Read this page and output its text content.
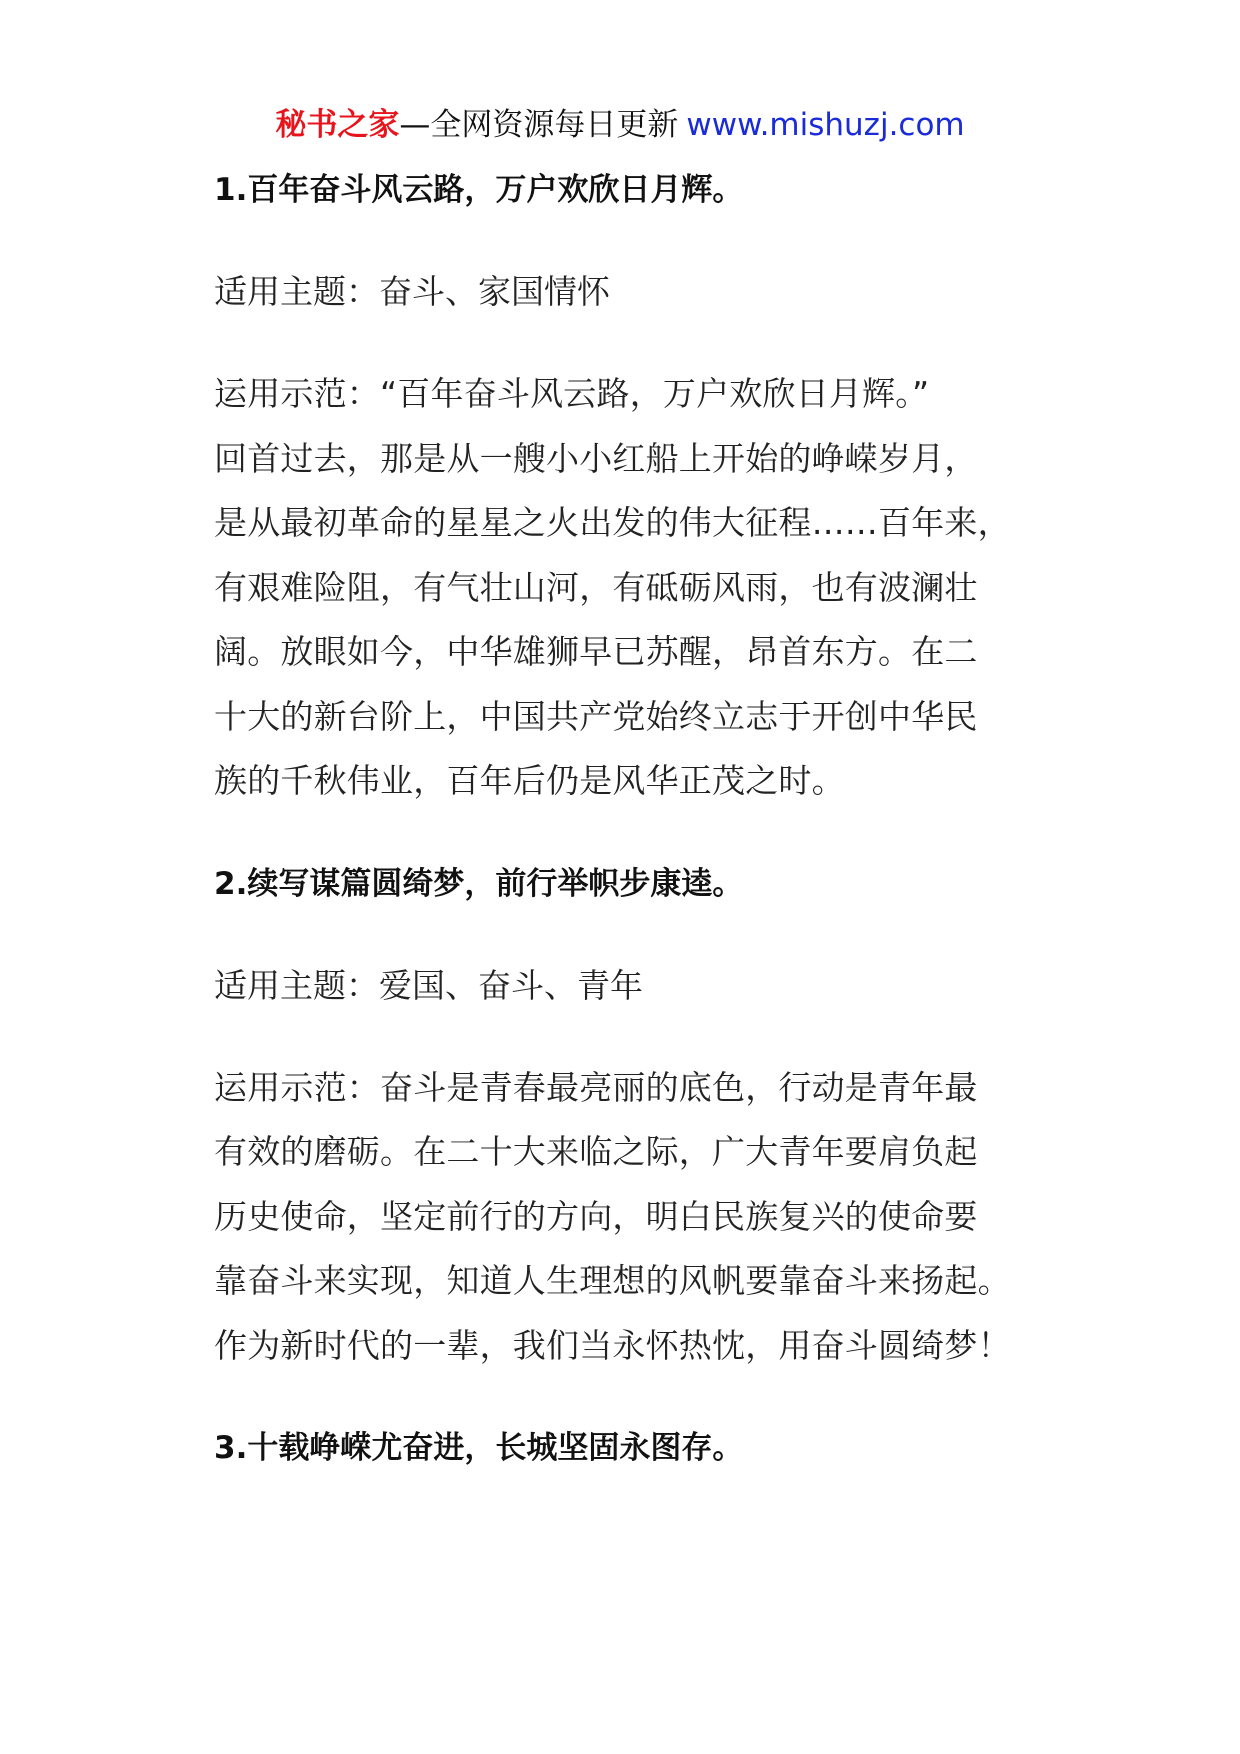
秘书之家—全网资源每日更新 www.mishuzj.com

1.百年奋斗风云路，万户欢欣日月辉。

适用主题：奋斗、家国情怀

运用示范：“百年奋斗风云路，万户欢欣日月辉。”
回首过去，那是从一艘小小红船上开始的峥嵘岁月，
是从最初革命的星星之火出发的伟大征程……百年来，
有艰难险阻，有气壮山河，有砥砺风雨，也有波澜壮
阔。放眼如今，中华雄狮早已苏醒，昂首东方。在二
十大的新台阶上，中国共产党始终立志于开创中华民
族的千秋伟业，百年后仍是风华正茂之时。

2.续写谋篇圆绮梦，前行举帜步康逵。

适用主题：爱国、奋斗、青年

运用示范：奋斗是青春最亮丽的底色，行动是青年最
有效的磨砺。在二十大来临之际，广大青年要肩负起
历史使命，坚定前行的方向，明白民族复兴的使命要
靠奋斗来实现，知道人生理想的风帆要靠奋斗来扬起。
作为新时代的一辈，我们当永怀热忱，用奋斗圆绮梦！

3.十载峥嵘尤奋进，长城坚固永图存。
